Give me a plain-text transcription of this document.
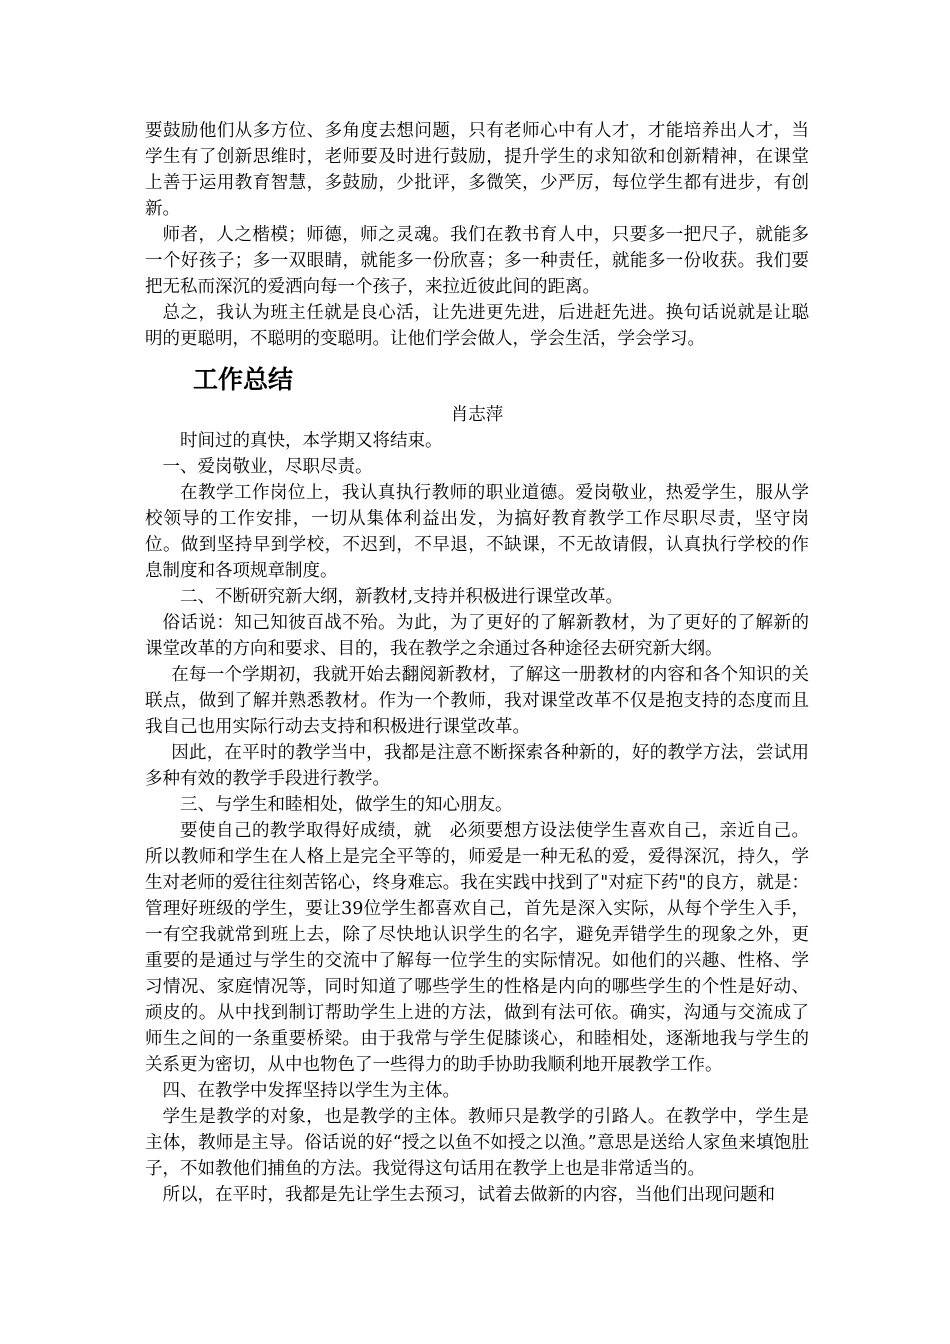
要鼓励他们从多方位、多角度去想问题，只有老师心中有人才，才能培养出人才，当学生有了创新思维时，老师要及时进行鼓励，提升学生的求知欲和创新精神，在课堂上善于运用教育智慧，多鼓励，少批评，多微笑，少严厉，每位学生都有进步，有创新。

师者，人之楷模；师德，师之灵魂。我们在教书育人中，只要多一把尺子，就能多一个好孩子；多一双眼睛，就能多一份欣喜；多一种责任，就能多一份收获。我们要把无私而深沉的爱洒向每一个孩子，来拉近彼此间的距离。

总之，我认为班主任就是良心活，让先进更先进，后进赶先进。换句话说就是让聪明的更聪明，不聪明的变聪明。让他们学会做人，学会生活，学会学习。

工作总结

肖志萍

时间过的真快，本学期又将结束。

一、爱岗敬业，尽职尽责。

在教学工作岗位上，我认真执行教师的职业道德。爱岗敬业，热爱学生，服从学校领导的工作安排，一切从集体利益出发，为搞好教育教学工作尽职尽责，坚守岗位。做到坚持早到学校，不迟到，不早退，不缺课，不无故请假，认真执行学校的作息制度和各项规章制度。

二、不断研究新大纲，新教材,支持并积极进行课堂改革。

俗话说：知己知彼百战不殆。为此，为了更好的了解新教材，为了更好的了解新的课堂改革的方向和要求、目的，我在教学之余通过各种途径去研究新大纲。

在每一个学期初，我就开始去翻阅新教材，了解这一册教材的内容和各个知识的关联点，做到了解并熟悉教材。作为一个教师，我对课堂改革不仅是抱支持的态度而且我自己也用实际行动去支持和积极进行课堂改革。

因此，在平时的教学当中，我都是注意不断探索各种新的，好的教学方法，尝试用多种有效的教学手段进行教学。

三、与学生和睦相处，做学生的知心朋友。

要使自己的教学取得好成绩，就　必须要想方设法使学生喜欢自己，亲近自己。所以教师和学生在人格上是完全平等的，师爱是一种无私的爱，爱得深沉，持久，学生对老师的爱往往刻苦铭心，终身难忘。我在实践中找到了"对症下药"的良方，就是：管理好班级的学生，要让39位学生都喜欢自己，首先是深入实际，从每个学生入手，一有空我就常到班上去，除了尽快地认识学生的名字，避免弄错学生的现象之外，更重要的是通过与学生的交流中了解每一位学生的实际情况。如他们的兴趣、性格、学习情况、家庭情况等，同时知道了哪些学生的性格是内向的哪些学生的个性是好动、顽皮的。从中找到制订帮助学生上进的方法，做到有法可依。确实，沟通与交流成了师生之间的一条重要桥梁。由于我常与学生促膝谈心，和睦相处，逐渐地我与学生的关系更为密切，从中也物色了一些得力的助手协助我顺利地开展教学工作。

四、在教学中发挥坚持以学生为主体。

学生是教学的对象，也是教学的主体。教师只是教学的引路人。在教学中，学生是主体，教师是主导。俗话说的好“授之以鱼不如授之以渔。”意思是送给人家鱼来填饱肚子，不如教他们捕鱼的方法。我觉得这句话用在教学上也是非常适当的。

所以，在平时，我都是先让学生去预习，试着去做新的内容，当他们出现问题和
